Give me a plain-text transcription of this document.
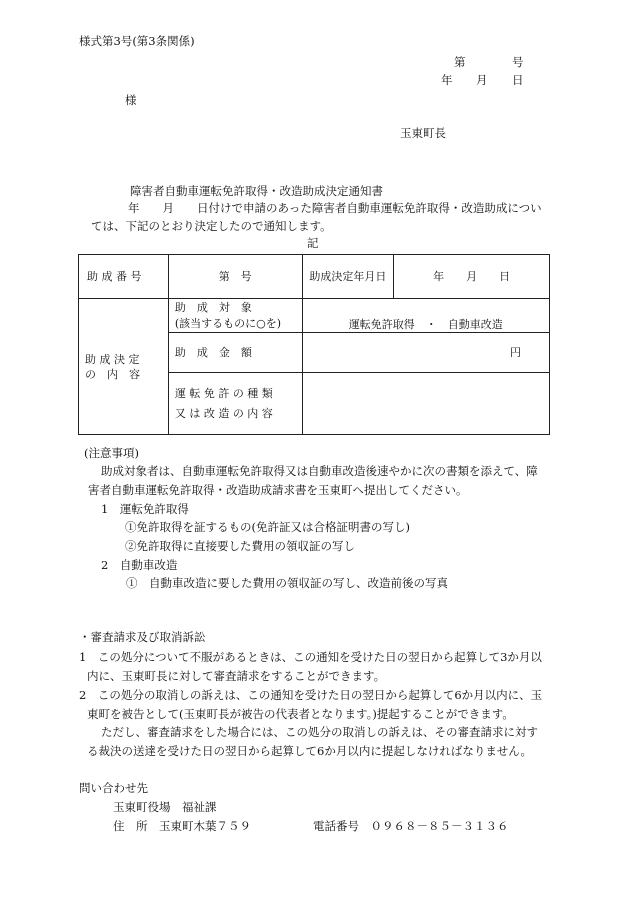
様式第3号(第3条関係)
第	号
年 月 日
様
玉東町長
障害者自動車運転免許取得・改造助成決定通知書
年　　月　　日付けで申請のあった障害者自動車運転免許取得・改造助成につい
ては、下記のとおり決定したので通知します。
記
助 成 番 号	第　号	助成決定年月日	年　　月　　日

助 成 決 定
の　内　容	助　成　対　象
(該当するものに○を)	運転免許取得　・　自動車改造	
	助　成　金　額	円	

	運 転 免 許 の 種 類
又 は 改 造 の 内 容		

(注意事項)
助成対象者は、自動車運転免許取得又は自動車改造後速やかに次の書類を添えて、障
害者自動車運転免許取得・改造助成請求書を玉東町へ提出してください。
1　運転免許取得
①免許取得を証するもの(免許証又は合格証明書の写し)
②免許取得に直接要した費用の領収証の写し
2　自動車改造
①　自動車改造に要した費用の領収証の写し、改造前後の写真
・審査請求及び取消訴訟
1　この処分について不服があるときは、この通知を受けた日の翌日から起算して3か月以
内に、玉東町長に対して審査請求をすることができます。
2　この処分の取消しの訴えは、この通知を受けた日の翌日から起算して6か月以内に、玉
東町を被告として(玉東町長が被告の代表者となります。)提起することができます。
ただし、審査請求をした場合には、この処分の取消しの訴えは、その審査請求に対す
る裁決の送達を受けた日の翌日から起算して6か月以内に提起しなければなりません。
問い合わせ先
玉東町役場　福祉課
住　所　玉東町木葉７５９	電話番号　０９６８－８５－３１３６
